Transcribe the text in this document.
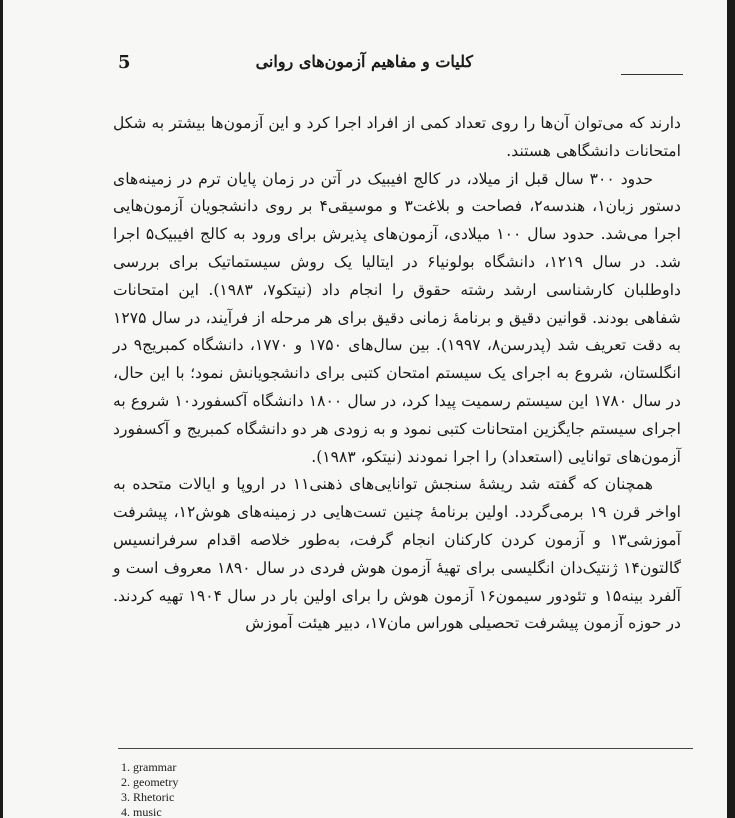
5	کلیات و مفاهیم آزمون‌های روانی

دارند که می‌توان آن‌ها را روی تعداد کمی از افراد اجرا کرد و این آزمون‌ها بیشتر به شکل امتحانات دانشگاهی هستند.

حدود ۳۰۰ سال قبل از میلاد، در کالج افیبیک در آتن در زمان پایان ترم در زمینه‌های دستور زبان۱، هندسه۲، فصاحت و بلاغت۳ و موسیقی۴ بر روی دانشجویان آزمون‌هایی اجرا می‌شد. حدود سال ۱۰۰ میلادی، آزمون‌های پذیرش برای ورود به کالج افیبیک۵ اجرا شد. در سال ۱۲۱۹، دانشگاه بولونیا۶ در ایتالیا یک روش سیستماتیک برای بررسی داوطلبان کارشناسی ارشد رشته حقوق را انجام داد (نیتکو۷، ۱۹۸۳). این امتحانات شفاهی بودند. قوانین دقیق و برنامهٔ زمانی دقیق برای هر مرحله از فرآیند، در سال ۱۲۷۵ به دقت تعریف شد (پدرسن۸، ۱۹۹۷). بین سال‌های ۱۷۵۰ و ۱۷۷۰، دانشگاه کمبریج۹ در انگلستان، شروع به اجرای یک سیستم امتحان کتبی برای دانشجویانش نمود؛ با این حال، در سال ۱۷۸۰ این سیستم رسمیت پیدا کرد، در سال ۱۸۰۰ دانشگاه آکسفورد۱۰ شروع به اجرای سیستم جایگزین امتحانات کتبی نمود و به زودی هر دو دانشگاه کمبریج و آکسفورد آزمون‌های توانایی (استعداد) را اجرا نمودند (نیتکو، ۱۹۸۳).

همچنان که گفته شد ریشهٔ سنجش توانایی‌های ذهنی۱۱ در اروپا و ایالات متحده به اواخر قرن ۱۹ برمی‌گردد. اولین برنامهٔ چنین تست‌هایی در زمینه‌های هوش۱۲، پیشرفت آموزشی۱۳ و آزمون کردن کارکنان انجام گرفت، به‌طور خلاصه اقدام سرفرانسیس گالتون۱۴ ژنتیک‌دان انگلیسی برای تهیهٔ آزمون هوش فردی در سال ۱۸۹۰ معروف است و آلفرد بینه۱۵ و تئودور سیمون۱۶ آزمون هوش را برای اولین بار در سال ۱۹۰۴ تهیه کردند. در حوزه آزمون پیشرفت تحصیلی هوراس مان۱۷، دبیر هیئت آموزش

1. grammar
2. geometry
3. Rhetoric
4. music
